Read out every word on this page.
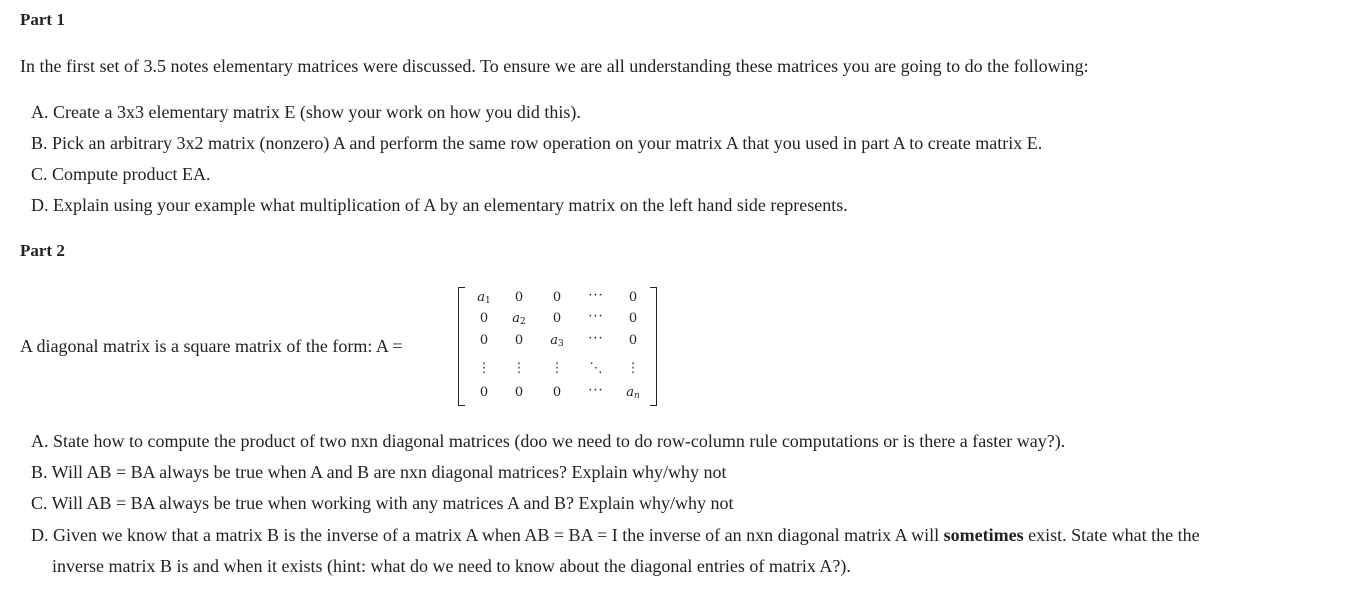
Part 1
In the first set of 3.5 notes elementary matrices were discussed. To ensure we are all understanding these matrices you are going to do the following:
A. Create a 3x3 elementary matrix E (show your work on how you did this).
B. Pick an arbitrary 3x2 matrix (nonzero) A and perform the same row operation on your matrix A that you used in part A to create matrix E.
C. Compute product EA.
D. Explain using your example what multiplication of A by an elementary matrix on the left hand side represents.
Part 2
A diagonal matrix is a square matrix of the form: A =
$a_1$	0	0	···	0
0	$a_2$	0	···	0
0	0	$a_3$	···	0
⋮	⋮	⋮	⋱	⋮
0	0	0	···	$a_n$
A. State how to compute the product of two nxn diagonal matrices (doo we need to do row-column rule computations or is there a faster way?).
B. Will AB = BA always be true when A and B are nxn diagonal matrices? Explain why/why not
C. Will AB = BA always be true when working with any matrices A and B? Explain why/why not
D. Given we know that a matrix B is the inverse of a matrix A when AB = BA = I the inverse of an nxn diagonal matrix A will sometimes exist. State what the the
inverse matrix B is and when it exists (hint: what do we need to know about the diagonal entries of matrix A?).
